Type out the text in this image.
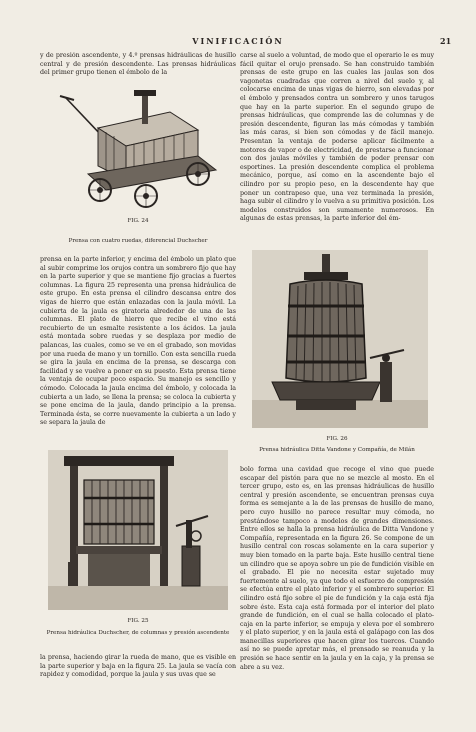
VINIFICACIÓN	21

y de presión ascendente, y 4.º prensas hidráulicas de husillo central y de presión descendente. Las prensas hidráulicas del primer grupo tienen el émbolo de la

FIG. 24
Prensa con cuatro ruedas, diferencial Duchscher

carse al suelo a voluntad, de modo que el operario le es muy fácil quitar el orujo prensado. Se han construido también prensas de este grupo en las cuales las jaulas son dos vagonetas cuadradas que corren a nivel del suelo y, al colocarse encima de unas vigas de hierro, son elevadas por el émbolo y prensados contra un sombrero y unos tarugos que hay en la parte superior. En el segundo grupo de prensas hidráulicas, que comprende las de columnas y de presión descendente, figuran las más cómodas y también las más caras, si bien son cómodas y de fácil manejo. Presentan la ventaja de poderse aplicar fácilmente a motores de vapor o de electricidad, de prestarse a funcionar con dos jaulas móviles y también de poder prensar con esportines. La presión descendente complica el problema mecánico, porque, así como en la ascendente bajo el cilindro por su propio peso, en la descendente hay que poner un contrapeso que, una vez terminada la presión, haga subir el cilindro y lo vuelva a su primitiva posición. Los modelos construidos son sumamente numerosos. En algunas de estas prensas, la parte inferior del ém-

prensa en la parte inferior, y encima del émbolo un plato que al subir comprime los orujos contra un sombrero fijo que hay en la parte superior y que se mantiene fijo gracias a fuertes columnas. La figura 25 representa una prensa hidráulica de este grupo. En esta prensa el cilindro descansa entre dos vigas de hierro que están enlazadas con la jaula móvil. La cubierta de la jaula es giratoria alrededor de una de las columnas. El plato de hierro que recibe el vino está recubierto de un esmalte resistente a los ácidos. La jaula está montada sobre ruedas y se desplaza por medio de palancas, las cuales, como se ve en el grabado, son movidas por una rueda de mano y un tornillo. Con esta sencilla rueda se gira la jaula en encima de la prensa, se descarga con facilidad y se vuelve a poner en su puesto. Esta prensa tiene la ventaja de ocupar poco espacio. Su manejo es sencillo y cómodo. Colocada la jaula encima del émbolo, y colocada la cubierta a un lado, se llena la prensa; se coloca la cubierta y se pone encima de la jaula, dando principio a la prensa. Terminada ésta, se corre nuevamente la cubierta a un lado y se separa la jaula de

FIG. 26
Prensa hidráulica Ditta Vandone y Compañía, de Milán
FIG. 25
Prensa hidráulica Duchscher, de columnas y presión ascendente

bolo forma una cavidad que recoge el vino que puede escapar del pistón para que no se mezcle al mosto. En el tercer grupo, esto es, en las prensas hidráulicas de husillo central y presión ascendente, se encuentran prensas cuya forma es semejante a la de las prensas de husillo de mano, pero cuyo husillo no parece resultar muy cómoda, no prestándose tampoco a modelos de grandes dimensiones. Entre ellos se halla la prensa hidráulica de Ditta Vandone y Compañía, representada en la figura 26. Se compone de un husillo central con roscas solamente en la cara superior y muy bien tomado en la parte baja. Este husillo central tiene un cilindro que se apoya sobre un pie de fundición visible en el grabado. El pie no necesita estar sujetado muy fuertemente al suelo, ya que todo el esfuerzo de compresión se efectúa entre el plato inferior y el sombrero superior. El cilindro está fijo sobre el pie de fundición y la caja está fija sobre éste. Esta caja está formada por el interior del plato grande de fundición, en el cual se halla colocado el plato-caja en la parte inferior, se empuja y eleva por el sombrero y el plato superior, y en la jaula está el galápago con las dos manecillas superiores que hacen girar los tuercos. Cuando así no se puede apretar más, el prensado se reanuda y la presión se hace sentir en la jaula y en la caja, y la prensa se abre a su vez.

la prensa, haciendo girar la rueda de mano, que es visible en la parte superior y baja en la figura 25. La jaula se vacía con rapidez y comodidad, porque la jaula y sus uvas que se
